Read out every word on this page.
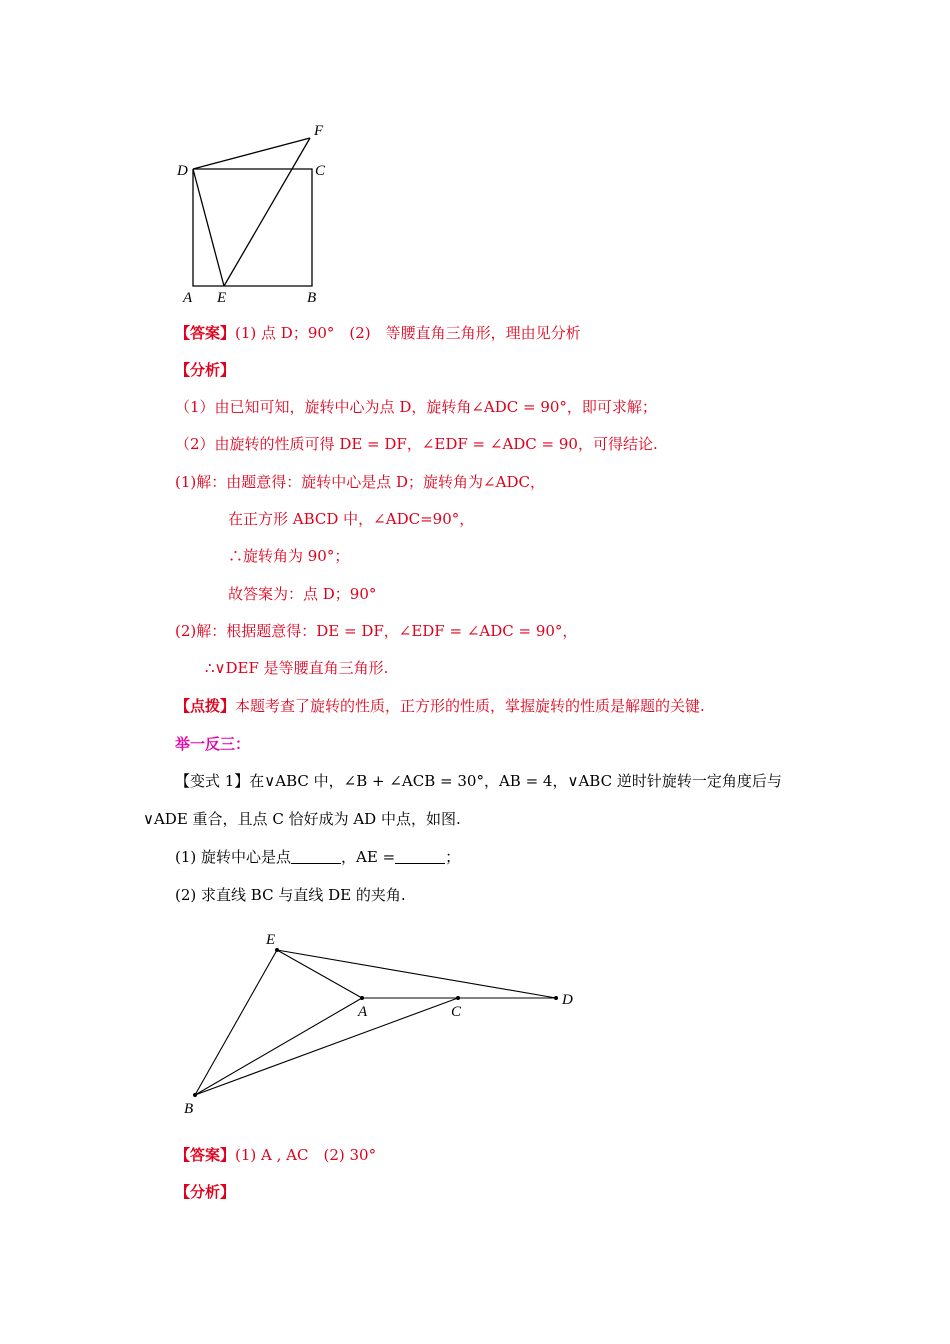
F
D	C
A E	B
E
A	C
D
B
【答案】(1) 点 D；90°　(2)　等腰直角三角形，理由见分析
【分析】
（1）由已知可知，旋转中心为点 D，旋转角∠ADC = 90°，即可求解；
（2）由旋转的性质可得 DE = DF，∠EDF = ∠ADC = 90，可得结论.
(1)解：由题意得：旋转中心是点 D；旋转角为∠ADC，
在正方形 ABCD 中，∠ADC=90°，
∴旋转角为 90°；
故答案为：点 D；90°
(2)解：根据题意得：DE = DF，∠EDF = ∠ADC = 90°，
∴∨DEF 是等腰直角三角形.
【点拨】本题考查了旋转的性质，正方形的性质，掌握旋转的性质是解题的关键.
举一反三：
【变式 1】在∨ABC 中，∠B + ∠ACB = 30°，AB = 4，∨ABC 逆时针旋转一定角度后与
∨ADE 重合，且点 C 恰好成为 AD 中点，如图.
(1) 旋转中心是点	，AE =	；
(2) 求直线 BC 与直线 DE 的夹角.
【答案】(1) A , AC　(2) 30°
【分析】
